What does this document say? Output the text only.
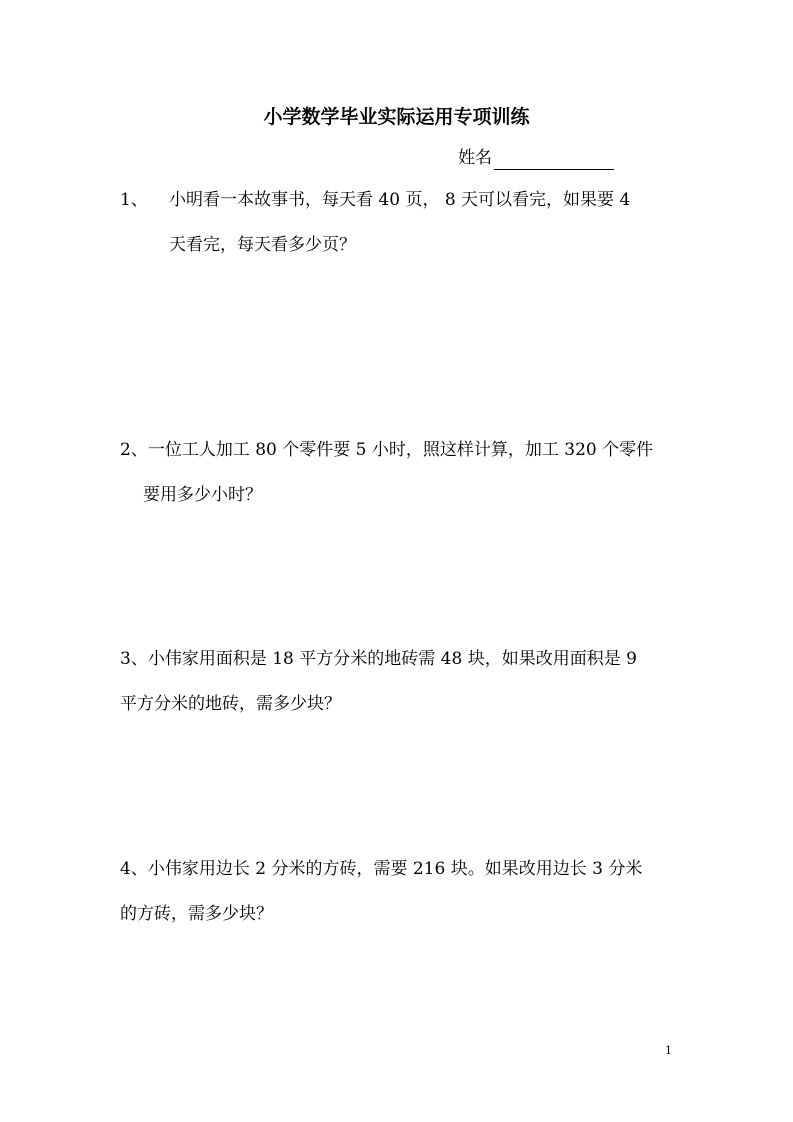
小学数学毕业实际运用专项训练
姓名
1、 小明看一本故事书，每天看 40 页， 8 天可以看完，如果要 4
天看完，每天看多少页？
2、一位工人加工 80 个零件要 5 小时，照这样计算，加工 320 个零件
要用多少小时？
3、小伟家用面积是 18 平方分米的地砖需 48 块，如果改用面积是 9
平方分米的地砖，需多少块？
4、小伟家用边长 2 分米的方砖，需要 216 块。如果改用边长 3 分米
的方砖，需多少块？
1
